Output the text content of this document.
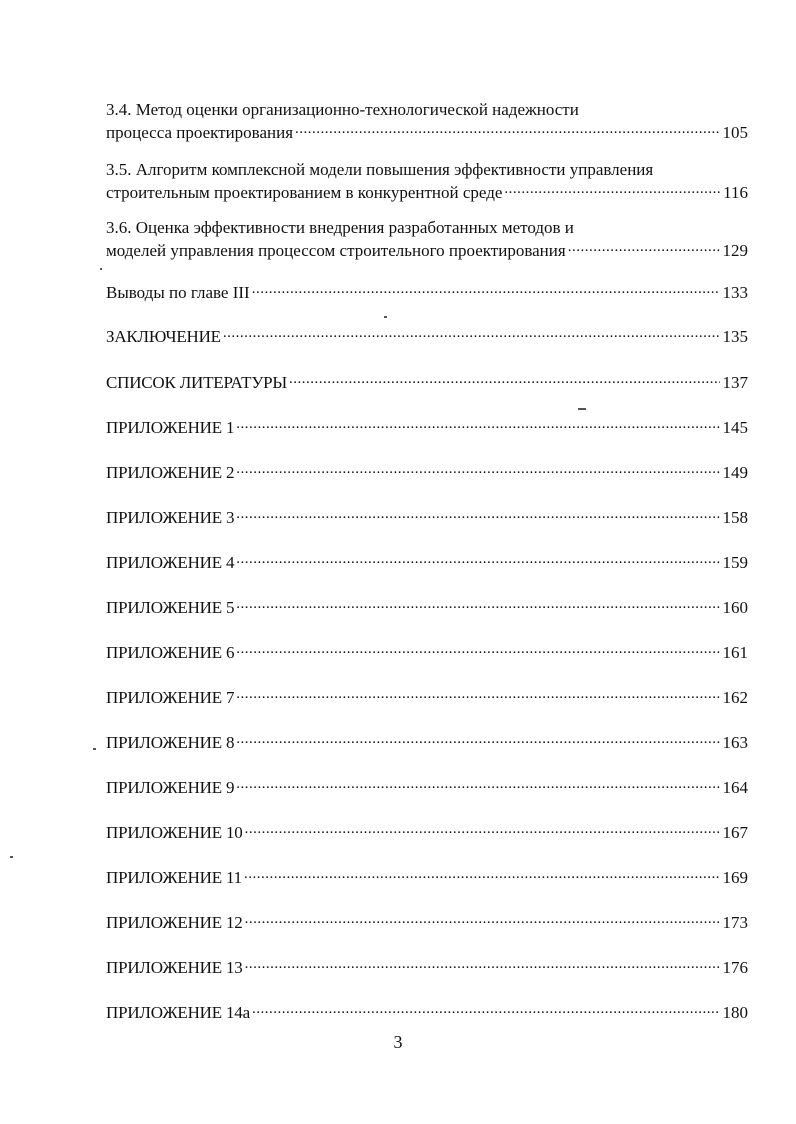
3.4. Метод оценки организационно-технологической надежности
процесса проектирования .....	105
3.5. Алгоритм комплексной модели повышения эффективности управления
строительным проектированием в конкурентной среде .....	116
3.6. Оценка эффективности внедрения разработанных методов и
моделей управления процессом строительного проектирования .....	129
Выводы по главе III .....	133
ЗАКЛЮЧЕНИЕ .....	135
СПИСОК ЛИТЕРАТУРЫ .....	137
ПРИЛОЖЕНИЕ 1 .....	145
ПРИЛОЖЕНИЕ 2 .....	149
ПРИЛОЖЕНИЕ 3 .....	158
ПРИЛОЖЕНИЕ 4 .....	159
ПРИЛОЖЕНИЕ 5 .....	160
ПРИЛОЖЕНИЕ 6 .....	161
ПРИЛОЖЕНИЕ 7 .....	162
ПРИЛОЖЕНИЕ 8 .....	163
ПРИЛОЖЕНИЕ 9 .....	164
ПРИЛОЖЕНИЕ 10 .....	167
ПРИЛОЖЕНИЕ 11 .....	169
ПРИЛОЖЕНИЕ 12 .....	173
ПРИЛОЖЕНИЕ 13 .....	176
ПРИЛОЖЕНИЕ 14а .....	180
3
